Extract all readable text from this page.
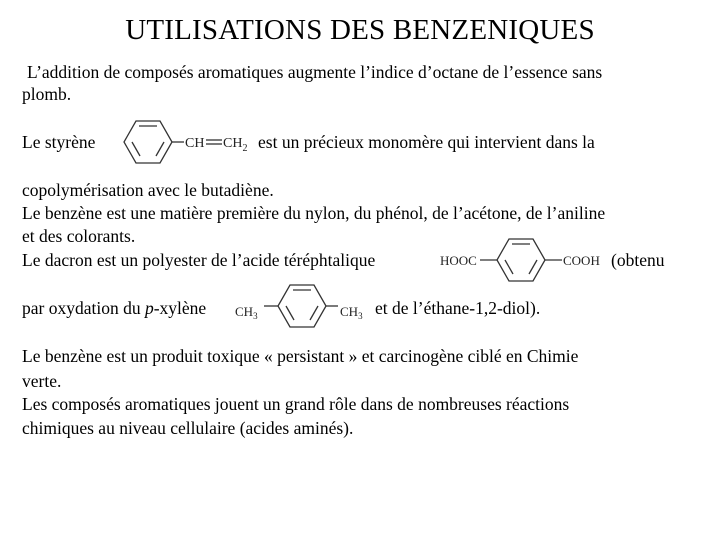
UTILISATIONS DES BENZENIQUES
L’addition de composés aromatiques augmente l’indice d’octane de l’essence sans
plomb.
Le styrène	CH $CH_2$ est un précieux monomère qui intervient dans la
copolymérisation avec le butadiène.
Le benzène est une matière première du nylon, du phénol, de l’acétone, de l’aniline
et des colorants.
Le dacron est un polyester de l’acide téréphtalique	HOOC	COOH (obtenu
par oxydation du p-xylène $CH_3$	$CH_3$ et de l’éthane-1,2-diol).
Le benzène est un produit toxique « persistant » et carcinogène ciblé en Chimie
verte.
Les composés aromatiques jouent un grand rôle dans de nombreuses réactions
chimiques au niveau cellulaire (acides aminés).
